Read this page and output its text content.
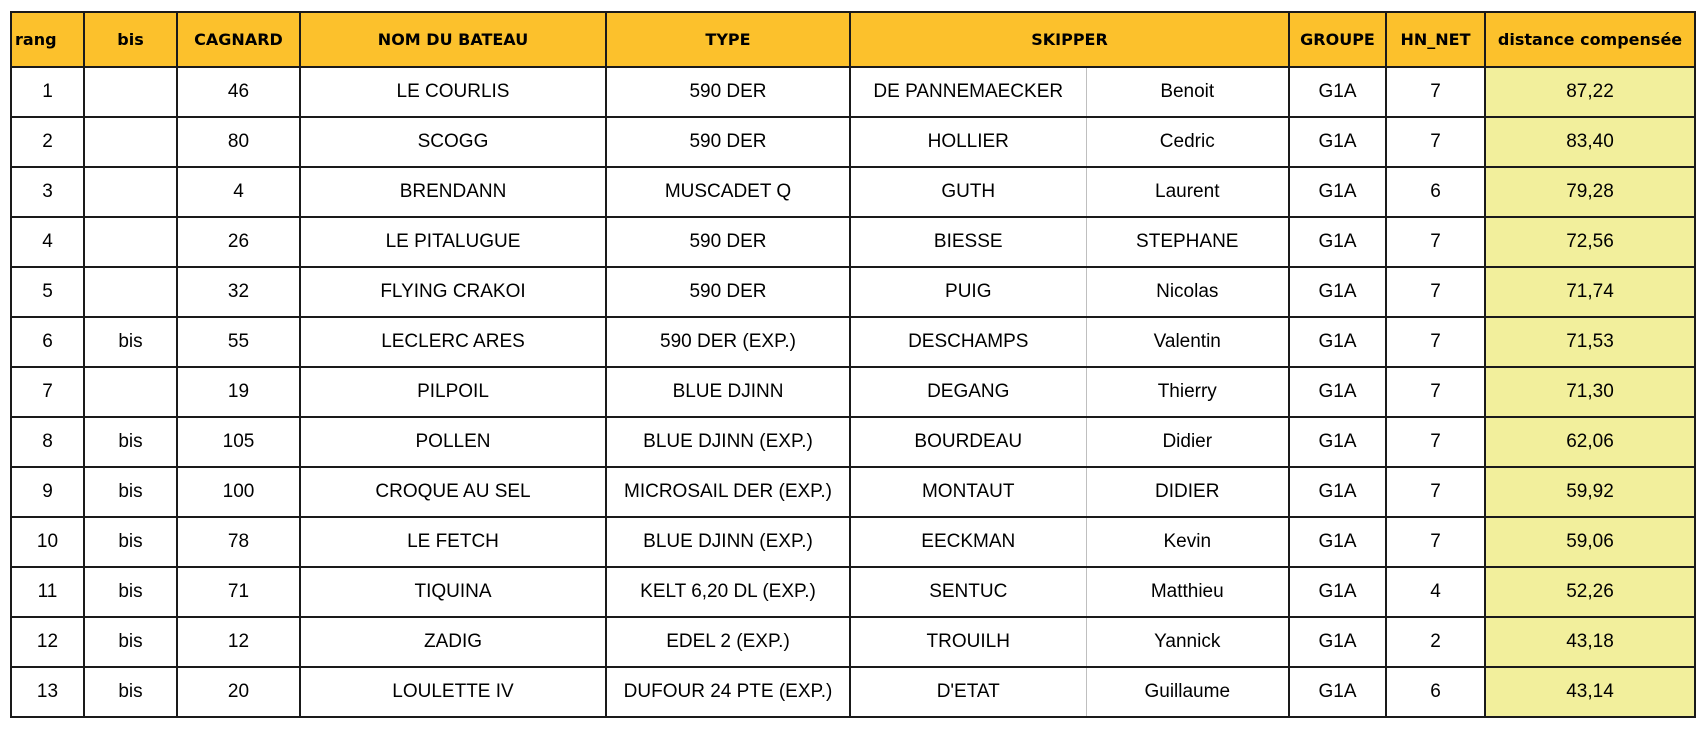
rang	bis	CAGNARD	NOM DU BATEAU	TYPE	SKIPPER		GROUPE	HN_NET	distance compensée
1		46	LE COURLIS	590 DER	DE PANNEMAECKER	Benoit	G1A	7	87,22
2		80	SCOGG	590 DER	HOLLIER	Cedric	G1A	7	83,40
3		4	BRENDANN	MUSCADET Q	GUTH	Laurent	G1A	6	79,28
4		26	LE PITALUGUE	590 DER	BIESSE	STEPHANE	G1A	7	72,56
5		32	FLYING CRAKOI	590 DER	PUIG	Nicolas	G1A	7	71,74
6	bis	55	LECLERC ARES	590 DER (EXP.)	DESCHAMPS	Valentin	G1A	7	71,53
7		19	PILPOIL	BLUE DJINN	DEGANG	Thierry	G1A	7	71,30
8	bis	105	POLLEN	BLUE DJINN (EXP.)	BOURDEAU	Didier	G1A	7	62,06
9	bis	100	CROQUE AU SEL	MICROSAIL DER (EXP.)	MONTAUT	DIDIER	G1A	7	59,92
10	bis	78	LE FETCH	BLUE DJINN (EXP.)	EECKMAN	Kevin	G1A	7	59,06
11	bis	71	TIQUINA	KELT 6,20 DL (EXP.)	SENTUC	Matthieu	G1A	4	52,26
12	bis	12	ZADIG	EDEL 2 (EXP.)	TROUILH	Yannick	G1A	2	43,18
13	bis	20	LOULETTE IV	DUFOUR 24 PTE (EXP.)	D'ETAT	Guillaume	G1A	6	43,14
